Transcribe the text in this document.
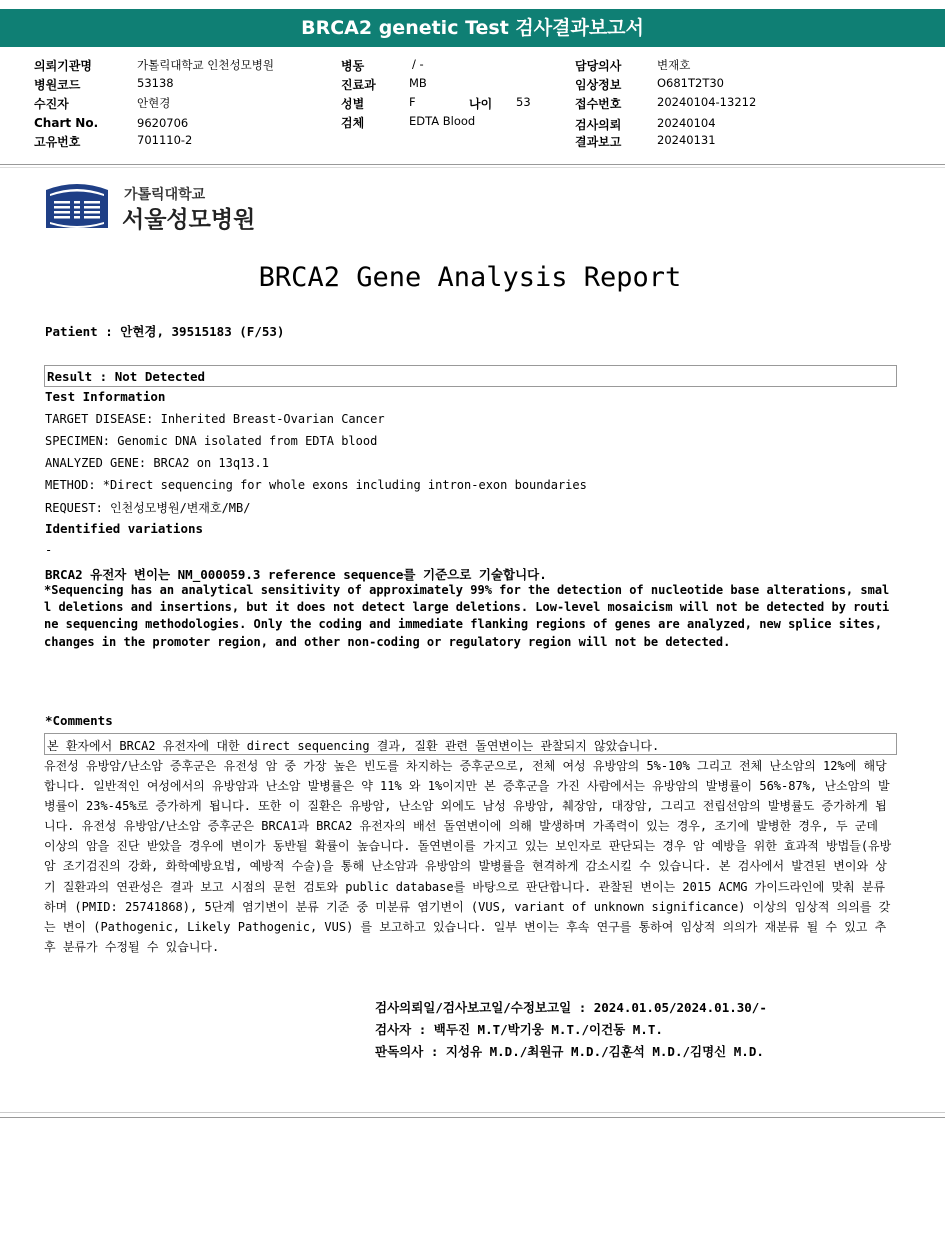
BRCA2 genetic Test 검사결과보고서
의뢰기관명	가톨릭대학교 인천성모병원
병원코드	53138
수진자	안현경
Chart No.	9620706
고유번호	701110-2
병동	/ -
진료과	MB
성별	F	나이 53
검체	EDTA Blood
담당의사	변재호
임상정보	O681T2T30
접수번호	20240104-13212
검사의뢰	20240104
결과보고	20240131
가톨릭대학교
서울성모병원
BRCA2 Gene Analysis Report
Patient : 안현경, 39515183 (F/53)
Result : Not Detected
Test Information
TARGET DISEASE: Inherited Breast-Ovarian Cancer
SPECIMEN: Genomic DNA isolated from EDTA blood
ANALYZED GENE: BRCA2 on 13q13.1
METHOD: *Direct sequencing for whole exons including intron-exon boundaries
REQUEST: 인천성모병원/변재호/MB/
Identified variations
-
BRCA2 유전자 변이는 NM_000059.3 reference sequence를 기준으로 기술합니다.
*Sequencing has an analytical sensitivity of approximately 99% for the detection of nucleotide base alterations, small deletions and insertions, but it does not detect large deletions. Low-level mosaicism will not be detected by routine sequencing methodologies. Only the coding and immediate flanking regions of genes are analyzed, new splice sites, changes in the promoter region, and other non-coding or regulatory region will not be detected.
*Comments
본 환자에서 BRCA2 유전자에 대한 direct sequencing 결과, 질환 관련 돌연변이는 관찰되지 않았습니다.
유전성 유방암/난소암 증후군은 유전성 암 중 가장 높은 빈도를 차지하는 증후군으로, 전체 여성 유방암의 5%-10% 그리고 전체 난소암의 12%에 해당합니다. 일반적인 여성에서의 유방암과 난소암 발병률은 약 11% 와 1%이지만 본 증후군을 가진 사람에서는 유방암의 발병률이 56%-87%, 난소암의 발병률이 23%-45%로 증가하게 됩니다. 또한 이 질환은 유방암, 난소암 외에도 남성 유방암, 췌장암, 대장암, 그리고 전립선암의 발병률도 증가하게 됩니다. 유전성 유방암/난소암 증후군은 BRCA1과 BRCA2 유전자의 배선 돌연변이에 의해 발생하며 가족력이 있는 경우, 조기에 발병한 경우, 두 군데 이상의 암을 진단 받았을 경우에 변이가 동반될 확률이 높습니다. 돌연변이를 가지고 있는 보인자로 판단되는 경우 암 예방을 위한 효과적 방법들(유방암 조기검진의 강화, 화학예방요법, 예방적 수술)을 통해 난소암과 유방암의 발병률을 현격하게 감소시킬 수 있습니다. 본 검사에서 발견된 변이와 상기 질환과의 연관성은 결과 보고 시점의 문헌 검토와 public database를 바탕으로 판단합니다. 관찰된 변이는 2015 ACMG 가이드라인에 맞춰 분류하며 (PMID: 25741868), 5단계 염기변이 분류 기준 중 미분류 염기변이 (VUS, variant of unknown significance) 이상의 임상적 의의를 갖는 변이 (Pathogenic, Likely Pathogenic, VUS) 를 보고하고 있습니다. 일부 변이는 후속 연구를 통하여 임상적 의의가 재분류 될 수 있고 추후 분류가 수정될 수 있습니다.
검사의뢰일/검사보고일/수정보고일 : 2024.01.05/2024.01.30/-
검사자 : 백두진 M.T/박기웅 M.T./이건동 M.T.
판독의사 : 지성유 M.D./최원규 M.D./김훈석 M.D./김명신 M.D.
